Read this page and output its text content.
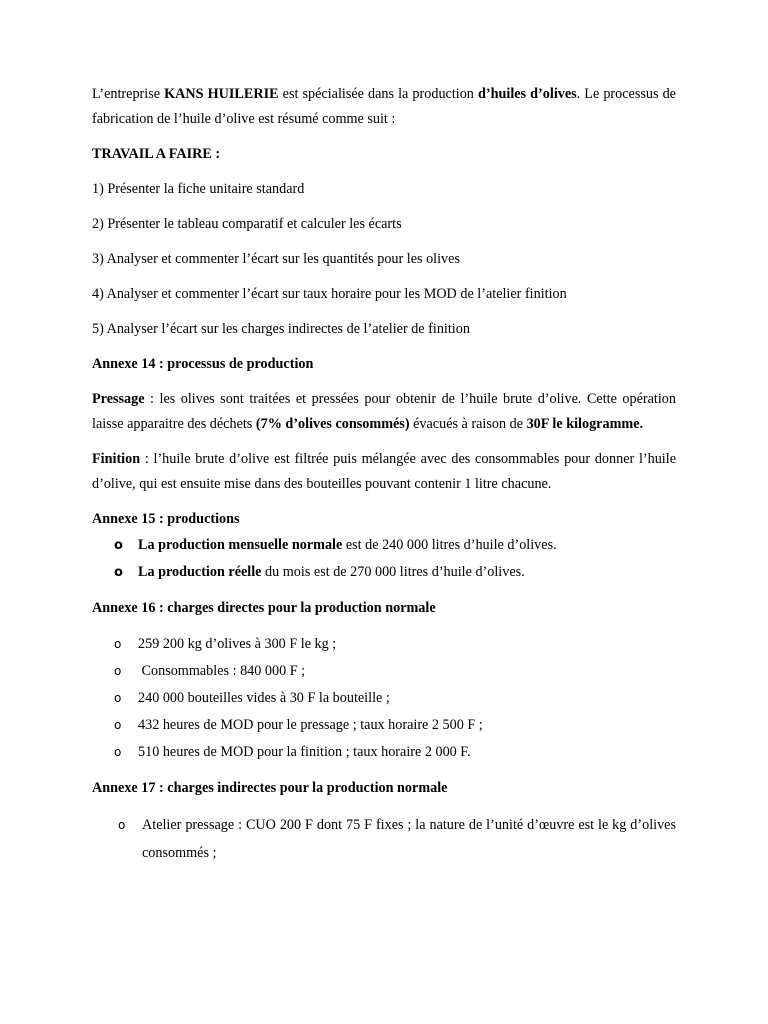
L’entreprise KANS HUILERIE est spécialisée dans la production d’huiles d’olives. Le processus de fabrication de l’huile d’olive est résumé comme suit :

TRAVAIL A FAIRE :

1) Présenter la fiche unitaire standard

2) Présenter le tableau comparatif et calculer les écarts

3) Analyser et commenter l’écart sur les quantités pour les olives

4) Analyser et commenter l’écart sur taux horaire pour les MOD de l’atelier finition

5) Analyser l’écart sur les charges indirectes de l’atelier de finition

Annexe 14 : processus de production

Pressage : les olives sont traitées et pressées pour obtenir de l’huile brute d’olive. Cette opération laisse apparaitre des déchets (7% d’olives consommés) évacués à raison de 30F le kilogramme.

Finition : l’huile brute d’olive est filtrée puis mélangée avec des consommables pour donner l’huile d’olive, qui est ensuite mise dans des bouteilles pouvant contenir 1 litre chacune.

Annexe 15 : productions

o La production mensuelle normale est de 240 000 litres d’huile d’olives.
o La production réelle du mois est de 270 000 litres d’huile d’olives.

Annexe 16 : charges directes pour la production normale

o 259 200 kg d’olives à 300 F le kg ;
o Consommables : 840 000 F ;
o 240 000 bouteilles vides à 30 F la bouteille ;
o 432 heures de MOD pour le pressage ; taux horaire 2 500 F ;
o 510 heures de MOD pour la finition ; taux horaire 2 000 F.

Annexe 17 : charges indirectes pour la production normale

o Atelier pressage : CUO 200 F dont 75 F fixes ; la nature de l’unité d’œuvre est le kg d’olives consommés ;
